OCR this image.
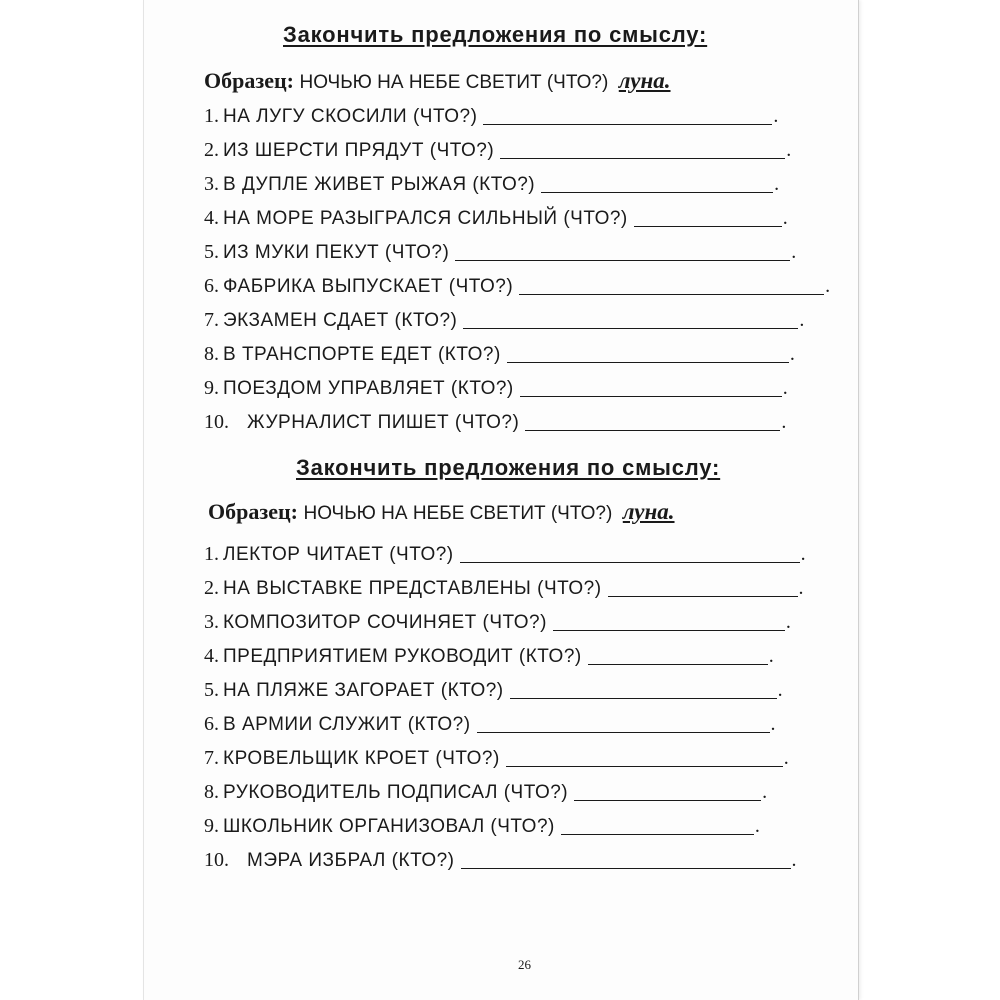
Закончить предложения по смыслу:
Образец: НОЧЬЮ НА НЕБЕ СВЕТИТ (ЧТО?) луна.
1. НА ЛУГУ СКОСИЛИ (ЧТО?)	.
2. ИЗ ШЕРСТИ ПРЯДУТ (ЧТО?)	.
3. В ДУПЛЕ ЖИВЕТ РЫЖАЯ (КТО?)	.
4. НА МОРЕ РАЗЫГРАЛСЯ СИЛЬНЫЙ (ЧТО?)	.
5. ИЗ МУКИ ПЕКУТ (ЧТО?)	.
6. ФАБРИКА ВЫПУСКАЕТ (ЧТО?)	.
7. ЭКЗАМЕН СДАЕТ (КТО?)	.
8. В ТРАНСПОРТЕ ЕДЕТ (КТО?)	.
9. ПОЕЗДОМ УПРАВЛЯЕТ (КТО?)	.
10. ЖУРНАЛИСТ ПИШЕТ (ЧТО?)	.
Закончить предложения по смыслу:
Образец: НОЧЬЮ НА НЕБЕ СВЕТИТ (ЧТО?) луна.
1. ЛЕКТОР ЧИТАЕТ (ЧТО?)	.
2. НА ВЫСТАВКЕ ПРЕДСТАВЛЕНЫ (ЧТО?)	.
3. КОМПОЗИТОР СОЧИНЯЕТ (ЧТО?)	.
4. ПРЕДПРИЯТИЕМ РУКОВОДИТ (КТО?)	.
5. НА ПЛЯЖЕ ЗАГОРАЕТ (КТО?)	.
6. В АРМИИ СЛУЖИТ (КТО?)	.
7. КРОВЕЛЬЩИК КРОЕТ (ЧТО?)	.
8. РУКОВОДИТЕЛЬ ПОДПИСАЛ (ЧТО?)	.
9. ШКОЛЬНИК ОРГАНИЗОВАЛ (ЧТО?)	.
10. МЭРА ИЗБРАЛ (КТО?)	.
26
